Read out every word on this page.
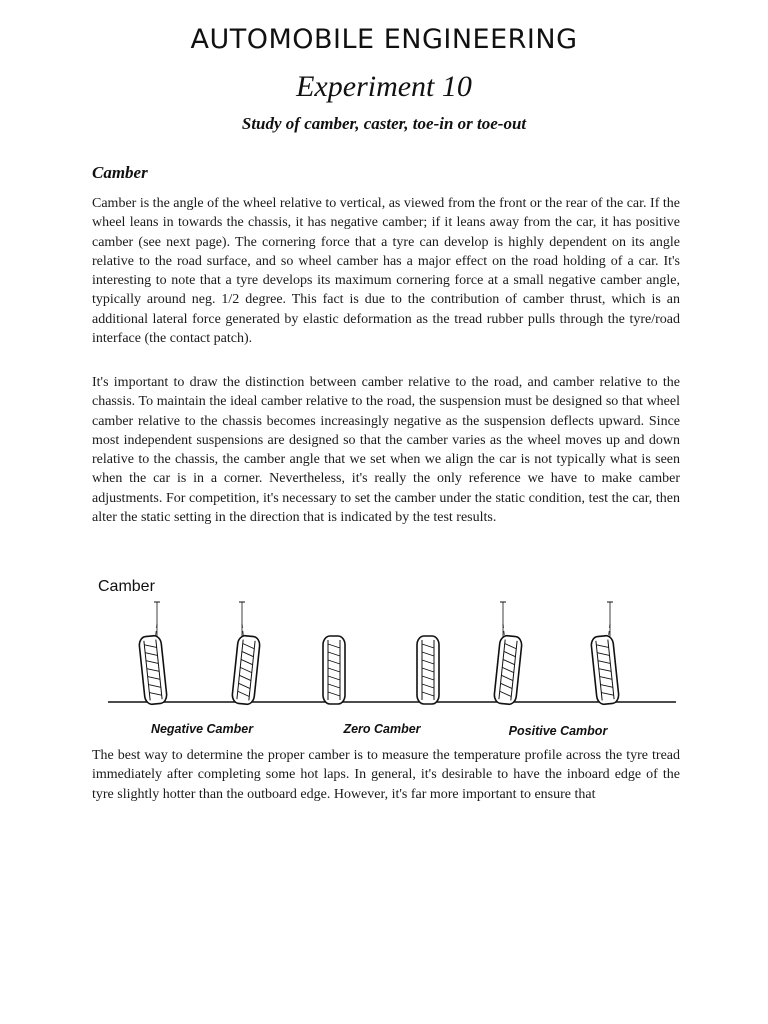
AUTOMOBILE ENGINEERING
Experiment 10
Study of camber, caster, toe-in or toe-out
Camber

Camber is the angle of the wheel relative to vertical, as viewed from the front or the rear of the car. If the wheel leans in towards the chassis, it has negative camber; if it leans away from the car, it has positive camber (see next page). The cornering force that a tyre can develop is highly dependent on its angle relative to the road surface, and so wheel camber has a major effect on the road holding of a car. It's interesting to note that a tyre develops its maximum cornering force at a small negative camber angle, typically around neg. 1/2 degree. This fact is due to the contribution of camber thrust, which is an additional lateral force generated by elastic deformation as the tread rubber pulls through the tyre/road interface (the contact patch).

It's important to draw the distinction between camber relative to the road, and camber relative to the chassis. To maintain the ideal camber relative to the road, the suspension must be designed so that wheel camber relative to the chassis becomes increasingly negative as the suspension deflects upward. Since most independent suspensions are designed so that the camber varies as the wheel moves up and down relative to the chassis, the camber angle that we set when we align the car is not typically what is seen when the car is in a corner. Nevertheless, it's really the only reference we have to make camber adjustments. For competition, it's necessary to set the camber under the static condition, test the car, then alter the static setting in the direction that is indicated by the test results.

Camber
Negative Camber	Zero Camber	Positive Cambor

The best way to determine the proper camber is to measure the temperature profile across the tyre tread immediately after completing some hot laps. In general, it's desirable to have the inboard edge of the tyre slightly hotter than the outboard edge. However, it's far more important to ensure that
